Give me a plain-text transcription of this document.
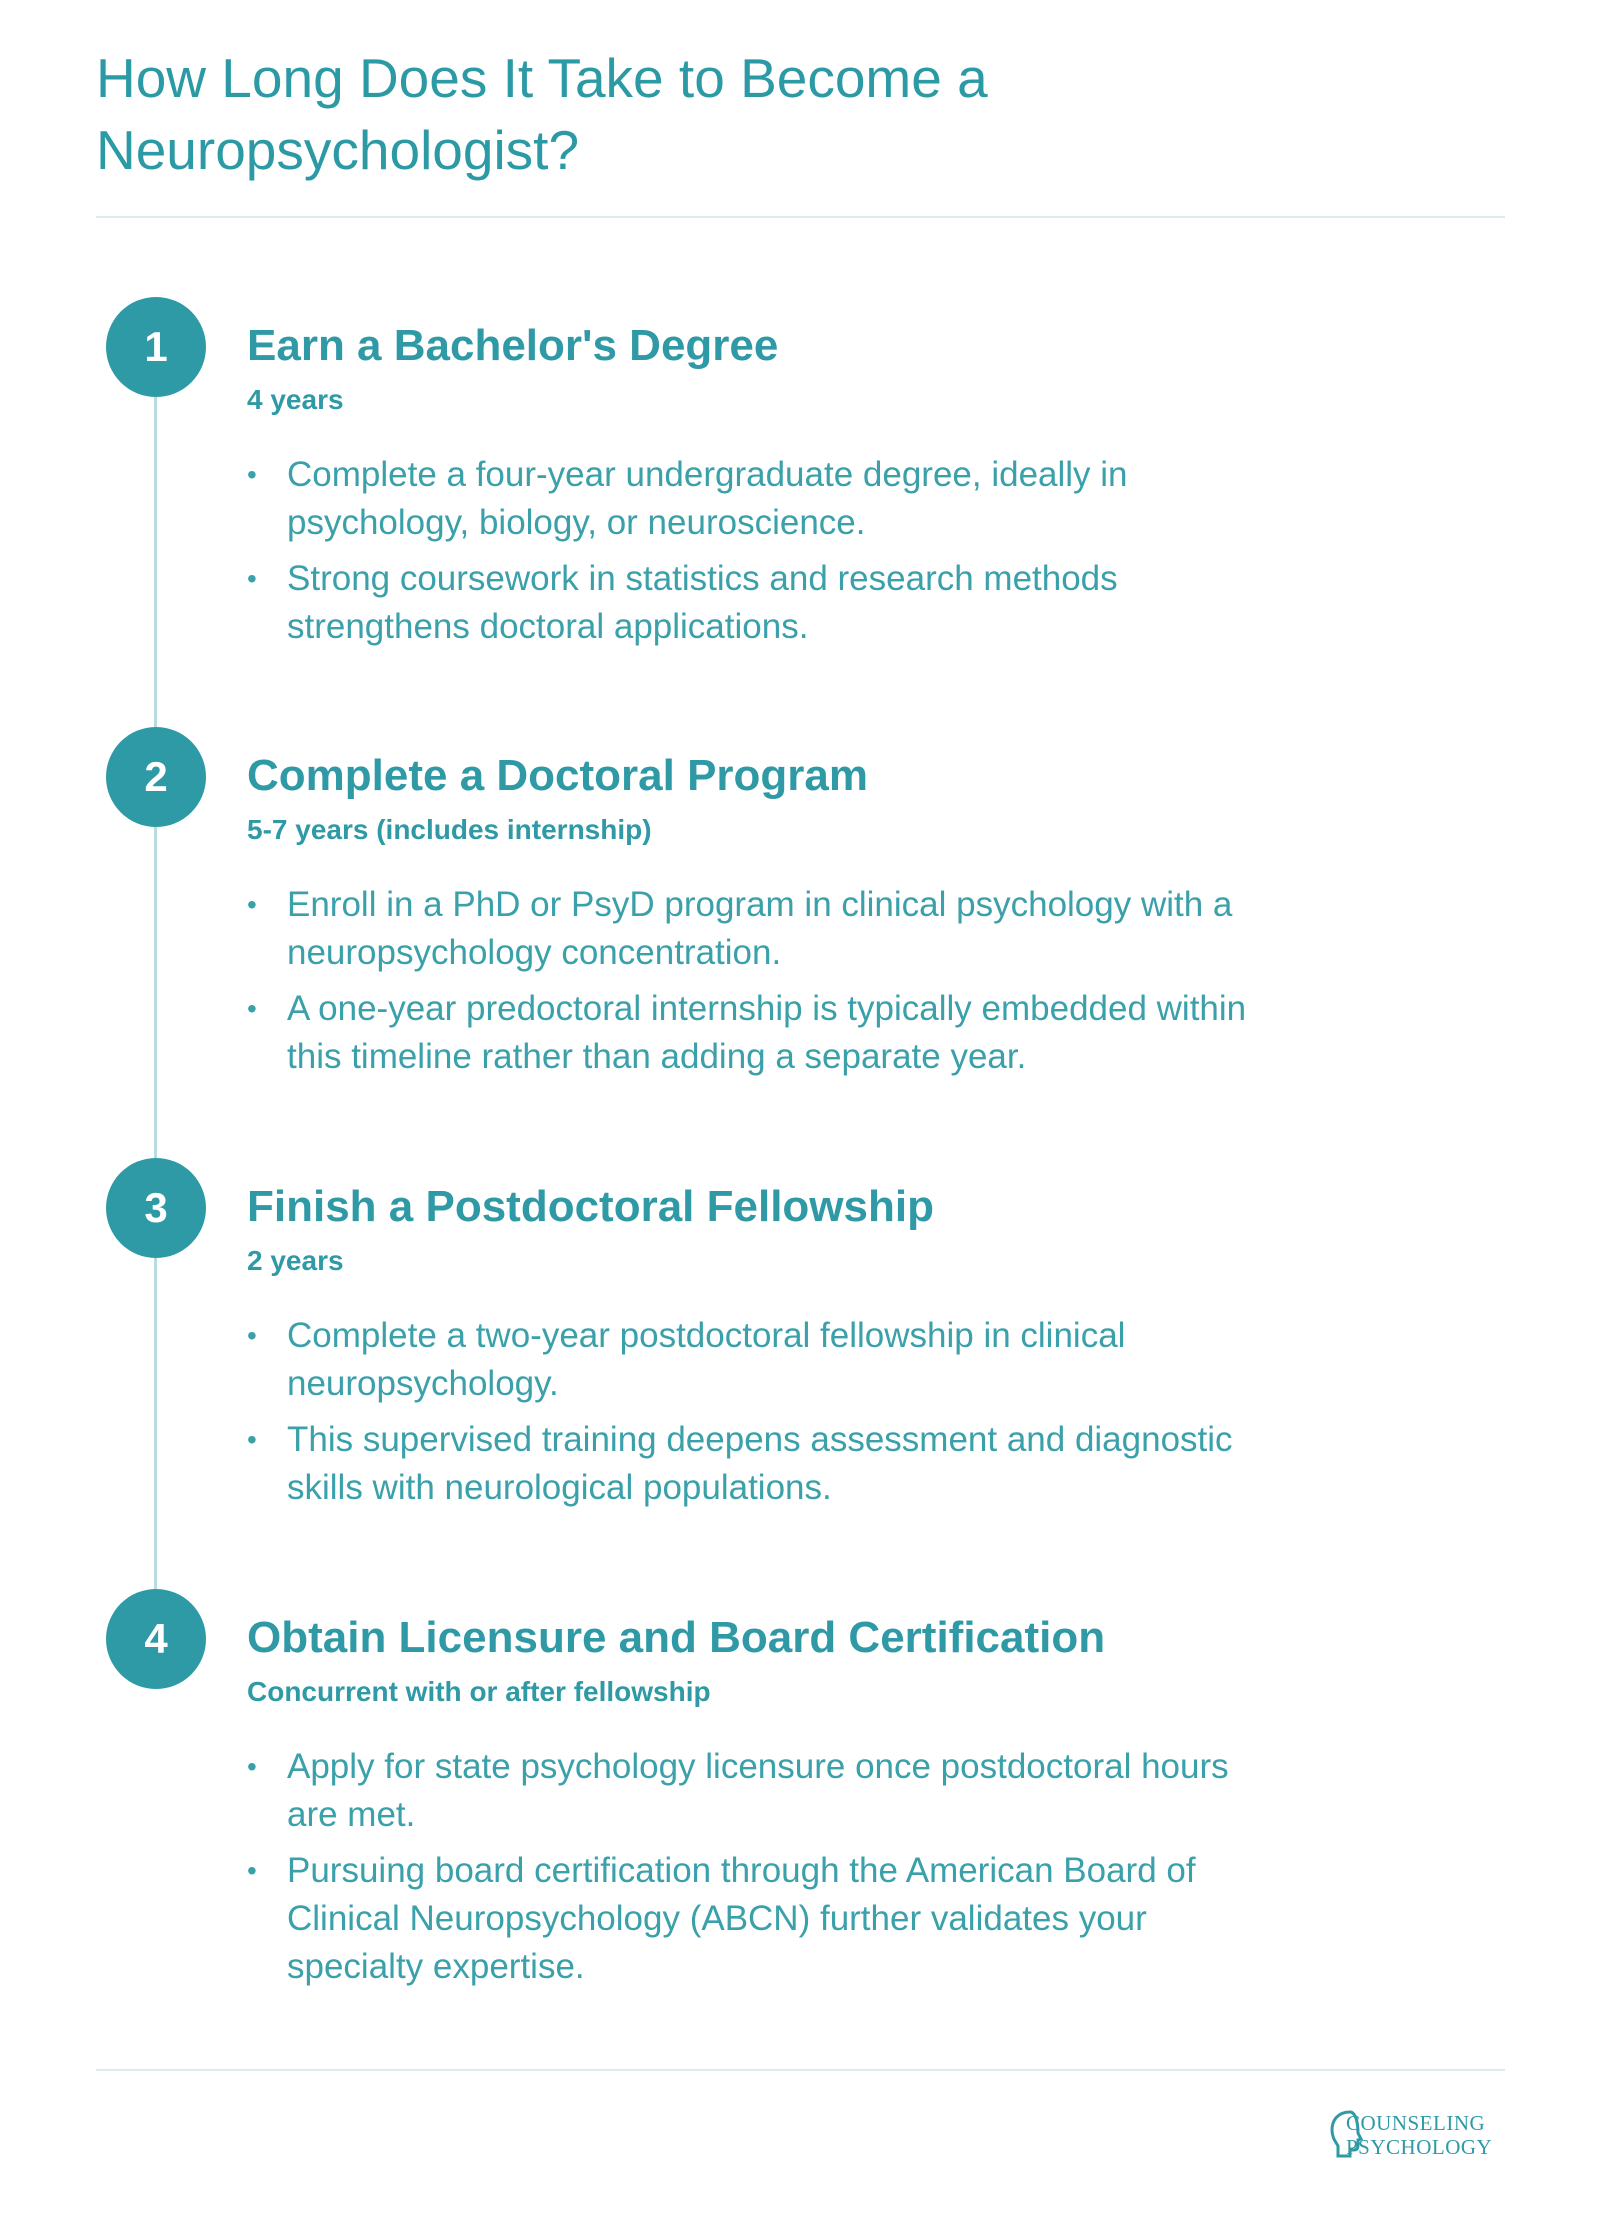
How Long Does It Take to Become a Neuropsychologist?
1	Earn a Bachelor's Degree
4 years
• Complete a four-year undergraduate degree, ideally in psychology, biology, or neuroscience.
• Strong coursework in statistics and research methods strengthens doctoral applications.
2	Complete a Doctoral Program
5-7 years (includes internship)
• Enroll in a PhD or PsyD program in clinical psychology with a neuropsychology concentration.
• A one-year predoctoral internship is typically embedded within this timeline rather than adding a separate year.
3	Finish a Postdoctoral Fellowship
2 years
• Complete a two-year postdoctoral fellowship in clinical neuropsychology.
• This supervised training deepens assessment and diagnostic skills with neurological populations.
4	Obtain Licensure and Board Certification
Concurrent with or after fellowship
• Apply for state psychology licensure once postdoctoral hours are met.
• Pursuing board certification through the American Board of Clinical Neuropsychology (ABCN) further validates your specialty expertise.
COUNSELING
PSYCHOLOGY
